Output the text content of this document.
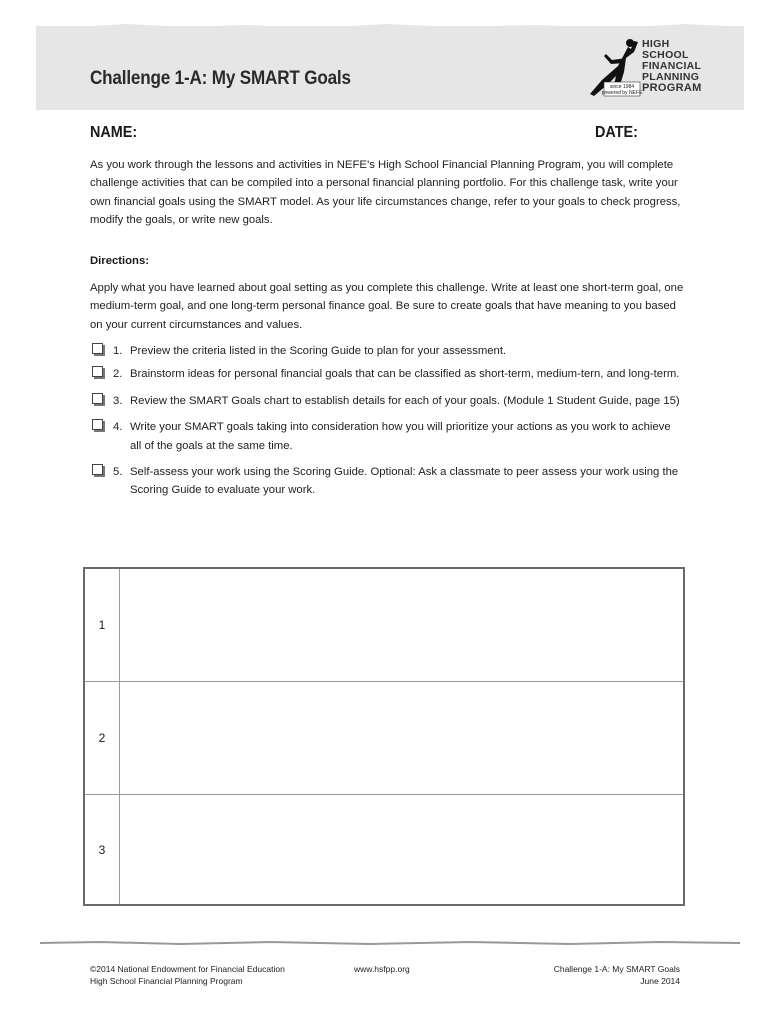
Challenge 1-A: My SMART Goals	since 1984
powered by NEFE
HIGH
SCHOOL
FINANCIAL
PLANNING
PROGRAM
NAME:	DATE:
As you work through the lessons and activities in NEFE’s High School Financial Planning Program, you will complete challenge activities that can be compiled into a personal financial planning portfolio. For this challenge task, write your own financial goals using the SMART model. As your life circumstances change, refer to your goals to check progress, modify the goals, or write new goals.
Directions:
Apply what you have learned about goal setting as you complete this challenge. Write at least one short-term goal, one medium-term goal, and one long-term personal finance goal. Be sure to create goals that have meaning to you based on your current circumstances and values.
1. Preview the criteria listed in the Scoring Guide to plan for your assessment.
2. Brainstorm ideas for personal financial goals that can be classified as short-term, medium-tern, and long-term.
3. Review the SMART Goals chart to establish details for each of your goals. (Module 1 Student Guide, page 15)
4. Write your SMART goals taking into consideration how you will prioritize your actions as you work to achieve all of the goals at the same time.
5. Self-assess your work using the Scoring Guide. Optional: Ask a classmate to peer assess your work using the Scoring Guide to evaluate your work.
1
2
3
©2014 National Endowment for Financial Education
High School Financial Planning Program
www.hsfpp.org	Challenge 1-A: My SMART Goals
June 2014
